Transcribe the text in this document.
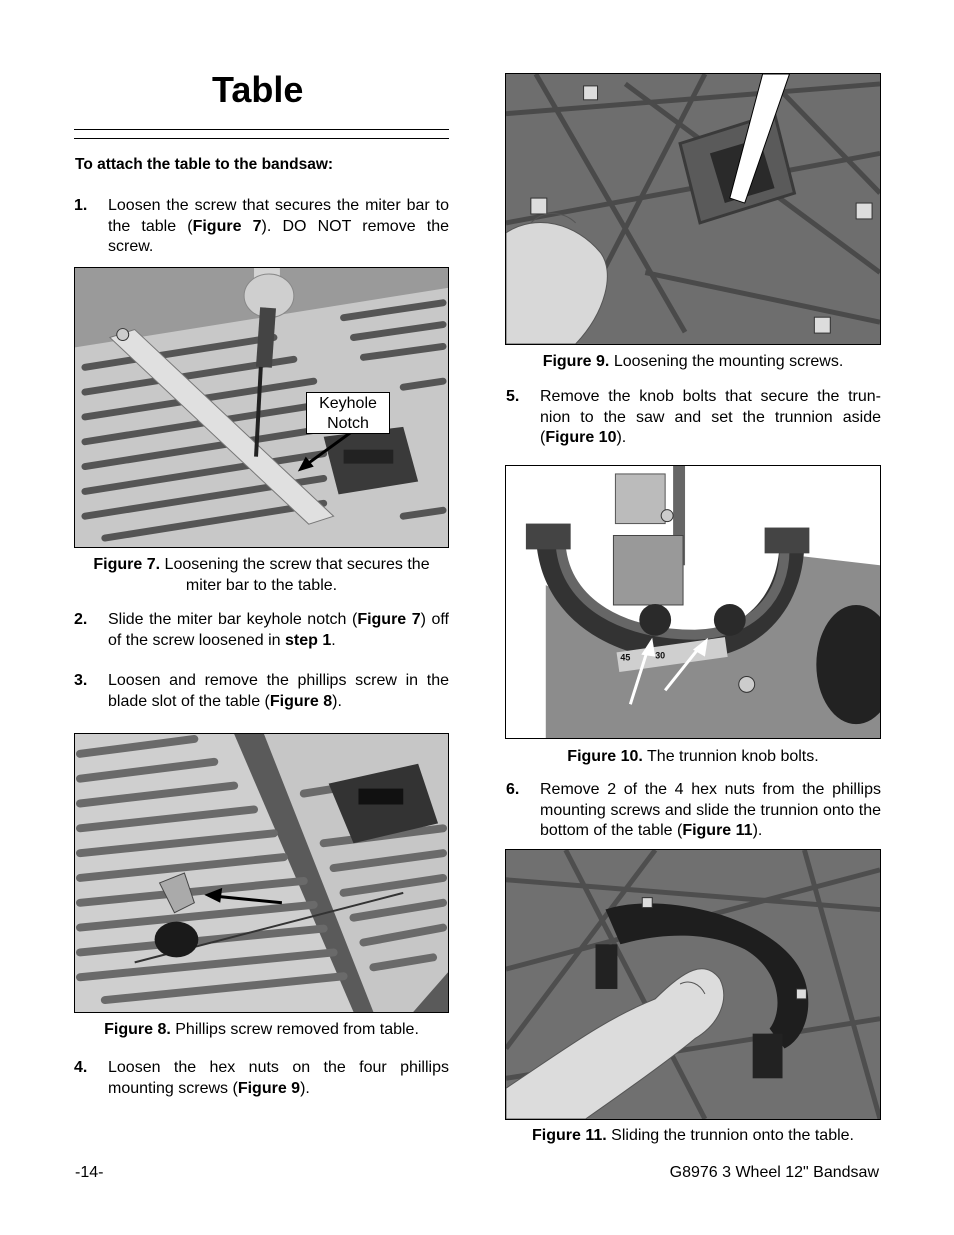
Table
To attach the table to the bandsaw:
1. Loosen the screw that secures the miter bar to the table (Figure 7). DO NOT remove the screw.
Keyhole
Notch
Figure 7. Loosening the screw that secures the miter bar to the table.
2. Slide the miter bar keyhole notch (Figure 7) off of the screw loosened in step 1.
3. Loosen and remove the phillips screw in the blade slot of the table (Figure 8).
Figure 8. Phillips screw removed from table.
4. Loosen the hex nuts on the four phillips mounting screws (Figure 9).
Figure 9. Loosening the mounting screws.
5. Remove the knob bolts that secure the trun-nion to the saw and set the trunnion aside (Figure 10).
45	30
Figure 10. The trunnion knob bolts.
6. Remove 2 of the 4 hex nuts from the phillips mounting screws and slide the trunnion onto the bottom of the table (Figure 11).
Figure 11. Sliding the trunnion onto the table.
-14-	G8976 3 Wheel 12" Bandsaw
